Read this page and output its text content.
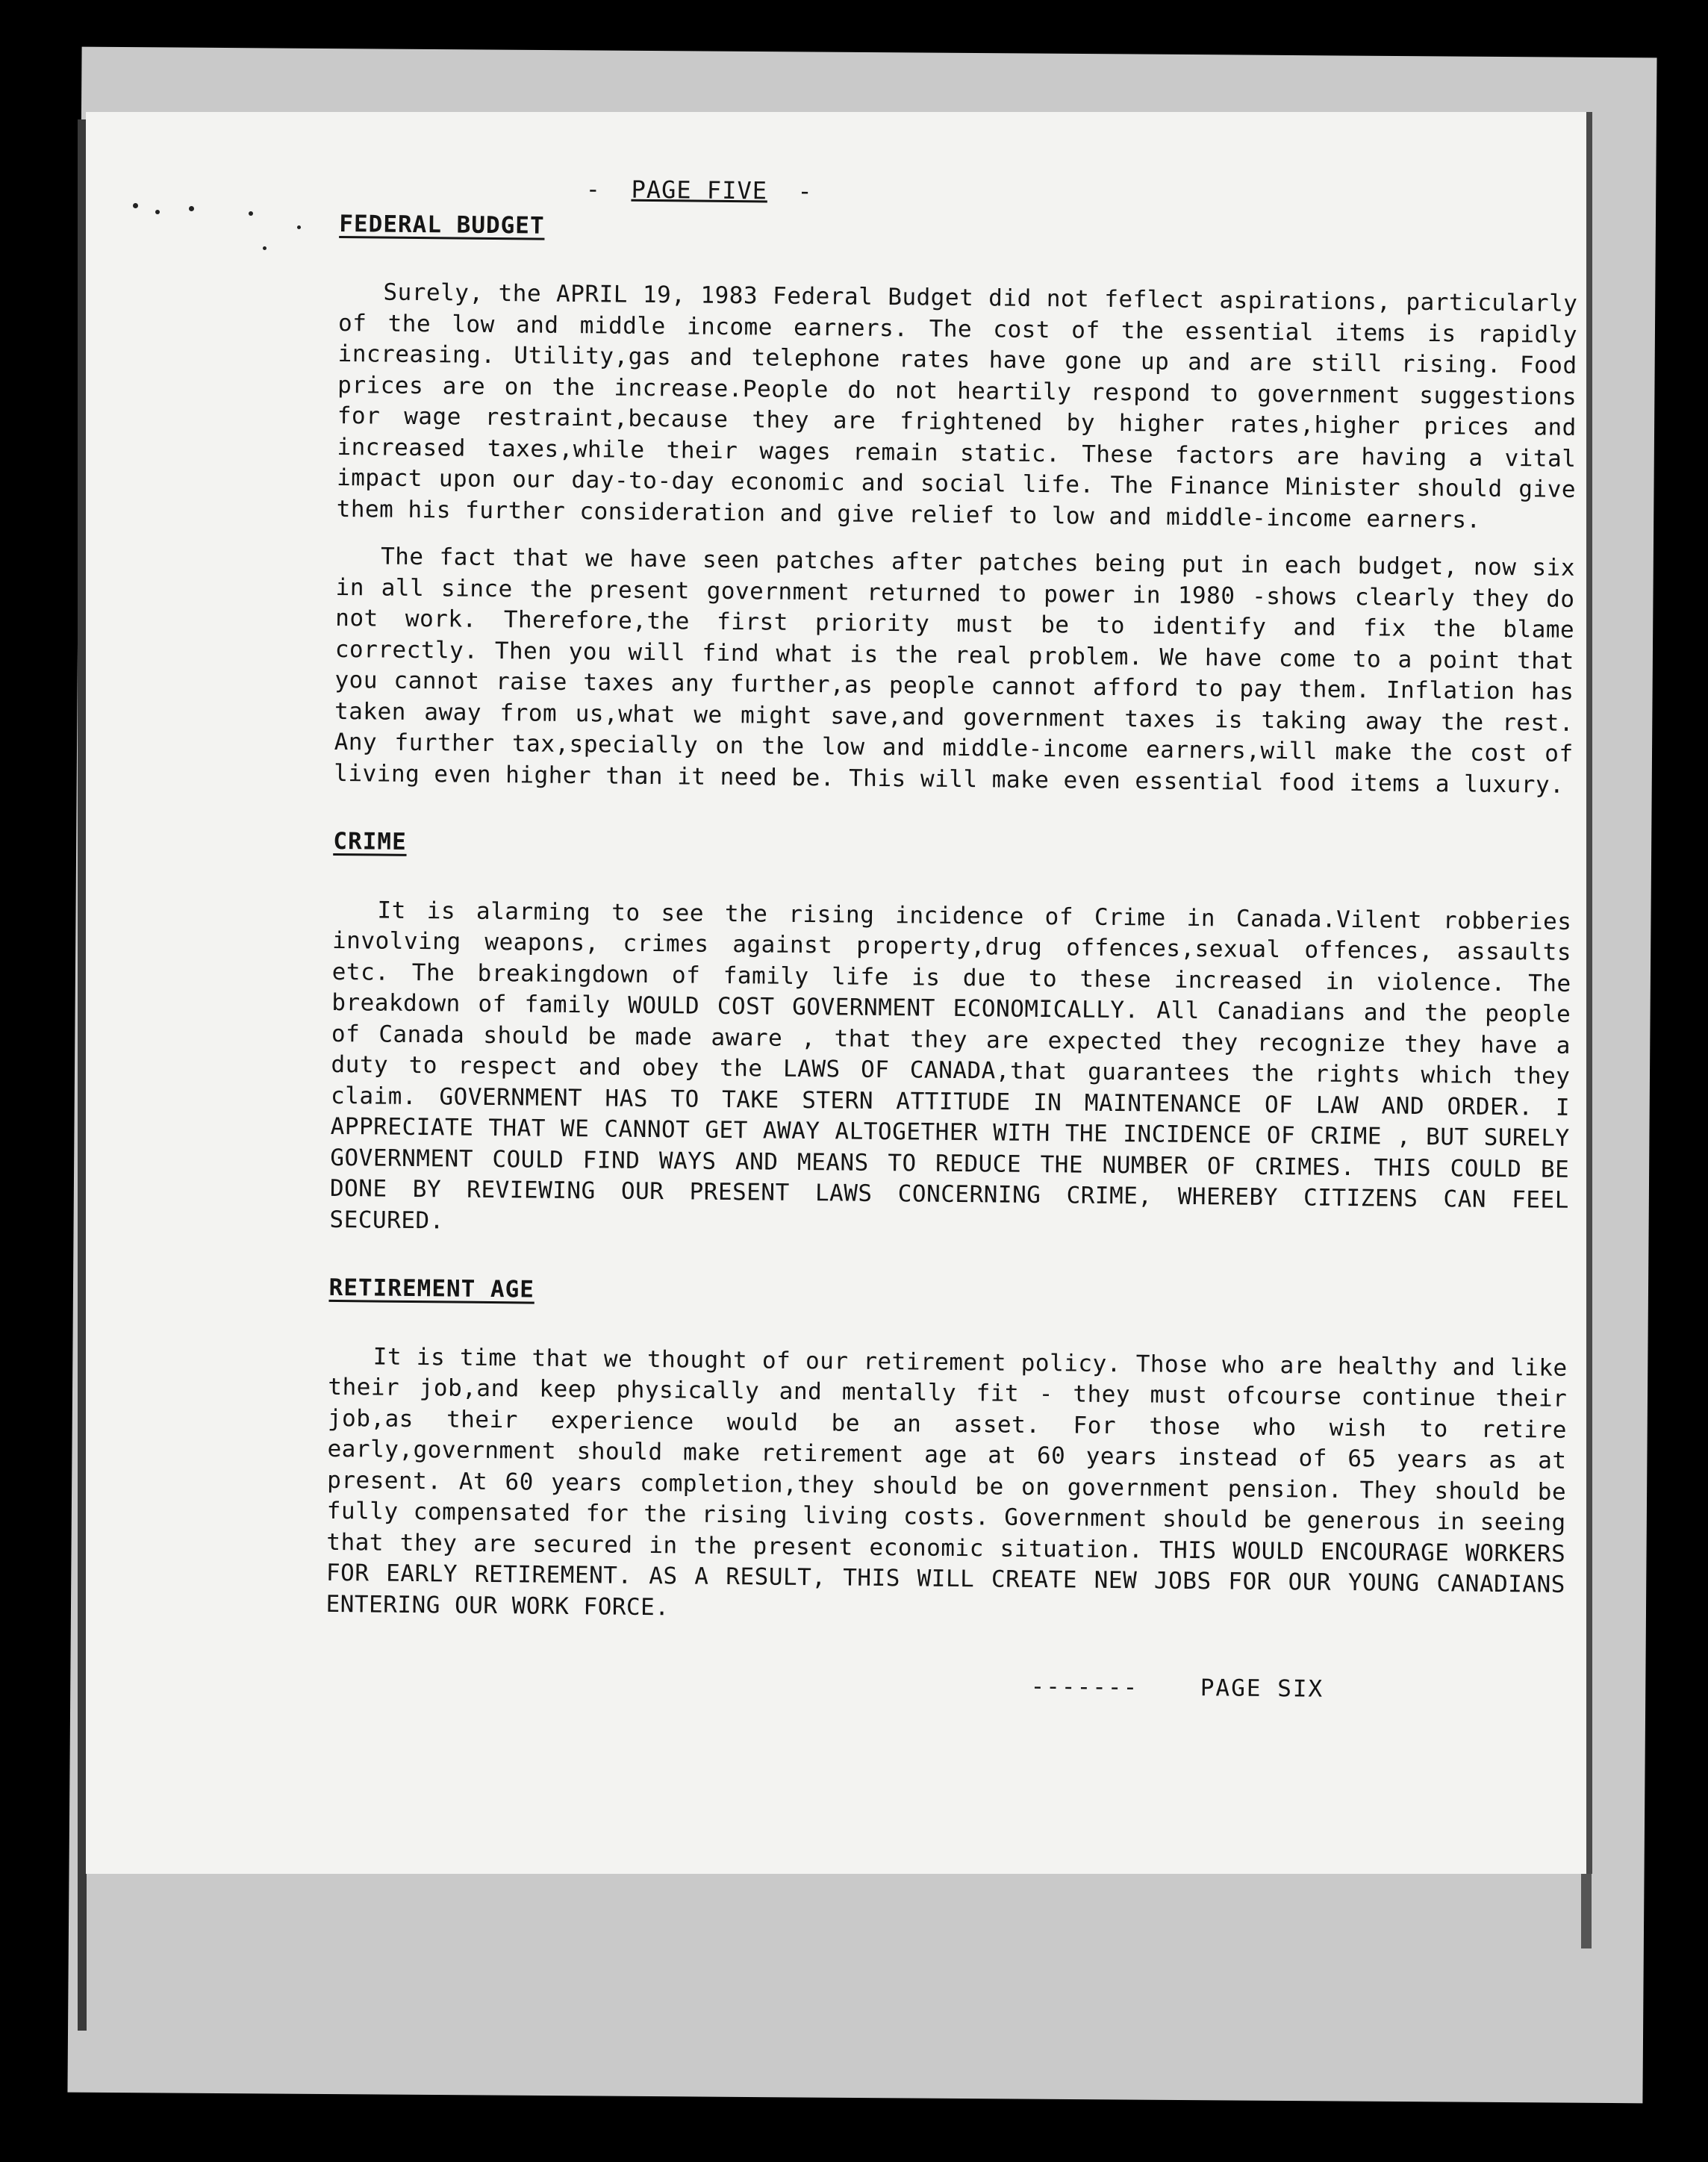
- PAGE FIVE -
FEDERAL BUDGET

Surely, the APRIL 19, 1983 Federal Budget did not feflect aspirations, particularly of the low and middle income earners. The cost of the essential items is rapidly increasing. Utility,gas and telephone rates have gone up and are still rising. Food prices are on the increase.People do not heartily respond to government suggestions for wage restraint,because they are frightened by higher rates,higher prices and increased taxes,while their wages remain static. These factors are having a vital impact upon our day-to-day economic and social life. The Finance Minister should give them his further consideration and give relief to low and middle-income earners.

The fact that we have seen patches after patches being put in each budget, now six in all since the present government returned to power in 1980 -shows clearly they do not work. Therefore,the first priority must be to identify and fix the blame correctly. Then you will find what is the real problem. We have come to a point that you cannot raise taxes any further,as people cannot afford to pay them. Inflation has taken away from us,what we might save,and government taxes is taking away the rest. Any further tax,specially on the low and middle-income earners,will make the cost of living even higher than it need be. This will make even essential food items a luxury.

CRIME

It is alarming to see the rising incidence of Crime in Canada.Vilent robberies involving weapons, crimes against property,drug offences,sexual offences, assaults etc. The breakingdown of family life is due to these increased in violence. The breakdown of family WOULD COST GOVERNMENT ECONOMICALLY. All Canadians and the people of Canada should be made aware , that they are expected they recognize they have a duty to respect and obey the LAWS OF CANADA,that guarantees the rights which they claim. GOVERNMENT HAS TO TAKE STERN ATTITUDE IN MAINTENANCE OF LAW AND ORDER. I APPRECIATE THAT WE CANNOT GET AWAY ALTOGETHER WITH THE INCIDENCE OF CRIME , BUT SURELY GOVERNMENT COULD FIND WAYS AND MEANS TO REDUCE THE NUMBER OF CRIMES. THIS COULD BE DONE BY REVIEWING OUR PRESENT LAWS CONCERNING CRIME, WHEREBY CITIZENS CAN FEEL SECURED.

RETIREMENT AGE

It is time that we thought of our retirement policy. Those who are healthy and like their job,and keep physically and mentally fit - they must ofcourse continue their job,as their experience would be an asset. For those who wish to retire early,government should make retirement age at 60 years instead of 65 years as at present. At 60 years completion,they should be on government pension. They should be fully compensated for the rising living costs. Government should be generous in seeing that they are secured in the present economic situation. THIS WOULD ENCOURAGE WORKERS FOR EARLY RETIREMENT. AS A RESULT, THIS WILL CREATE NEW JOBS FOR OUR YOUNG CANADIANS ENTERING OUR WORK FORCE.

-------	PAGE SIX
